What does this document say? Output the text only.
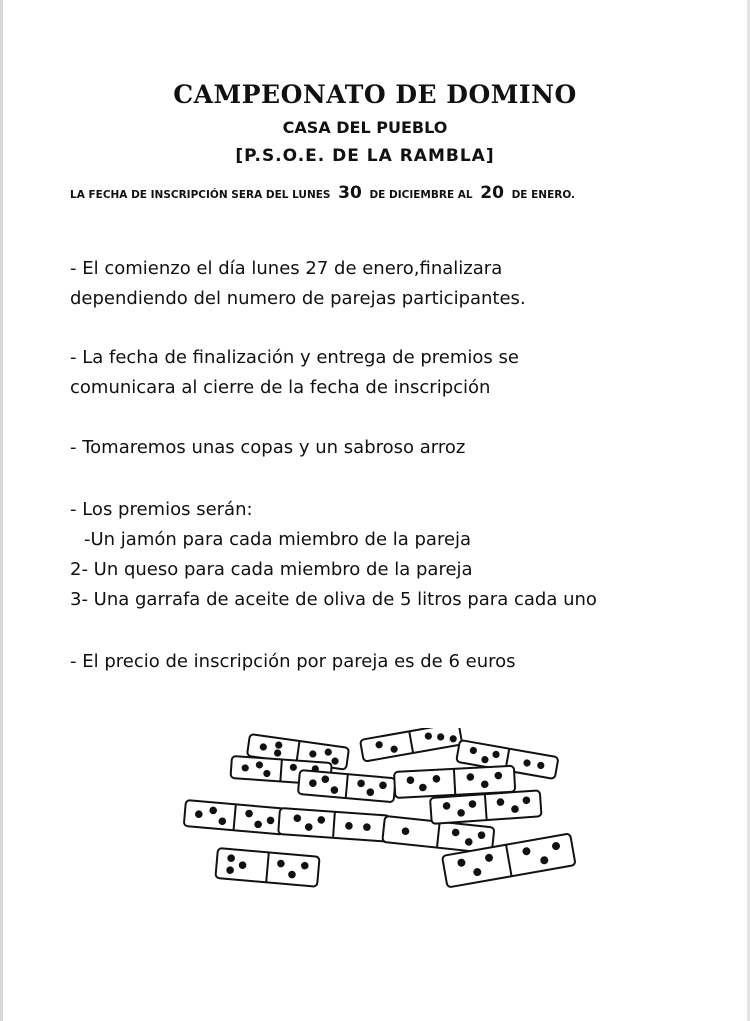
CAMPEONATO DE DOMINO
CASA DEL PUEBLO
[P.S.O.E. DE LA RAMBLA]
LA FECHA DE INSCRIPCIÓN SERA DEL LUNES 30 DE DICIEMBRE AL 20 DE ENERO.
- El comienzo el día lunes 27 de enero,finalizara
dependiendo del numero de parejas participantes.
- La fecha de finalización y entrega de premios se
comunicara al cierre de la fecha de inscripción
- Tomaremos unas copas y un sabroso arroz
- Los premios serán:
-Un jamón para cada miembro de la pareja
2- Un queso para cada miembro de la pareja
3- Una garrafa de aceite de oliva de 5 litros para cada uno
- El precio de inscripción por pareja es de 6 euros
